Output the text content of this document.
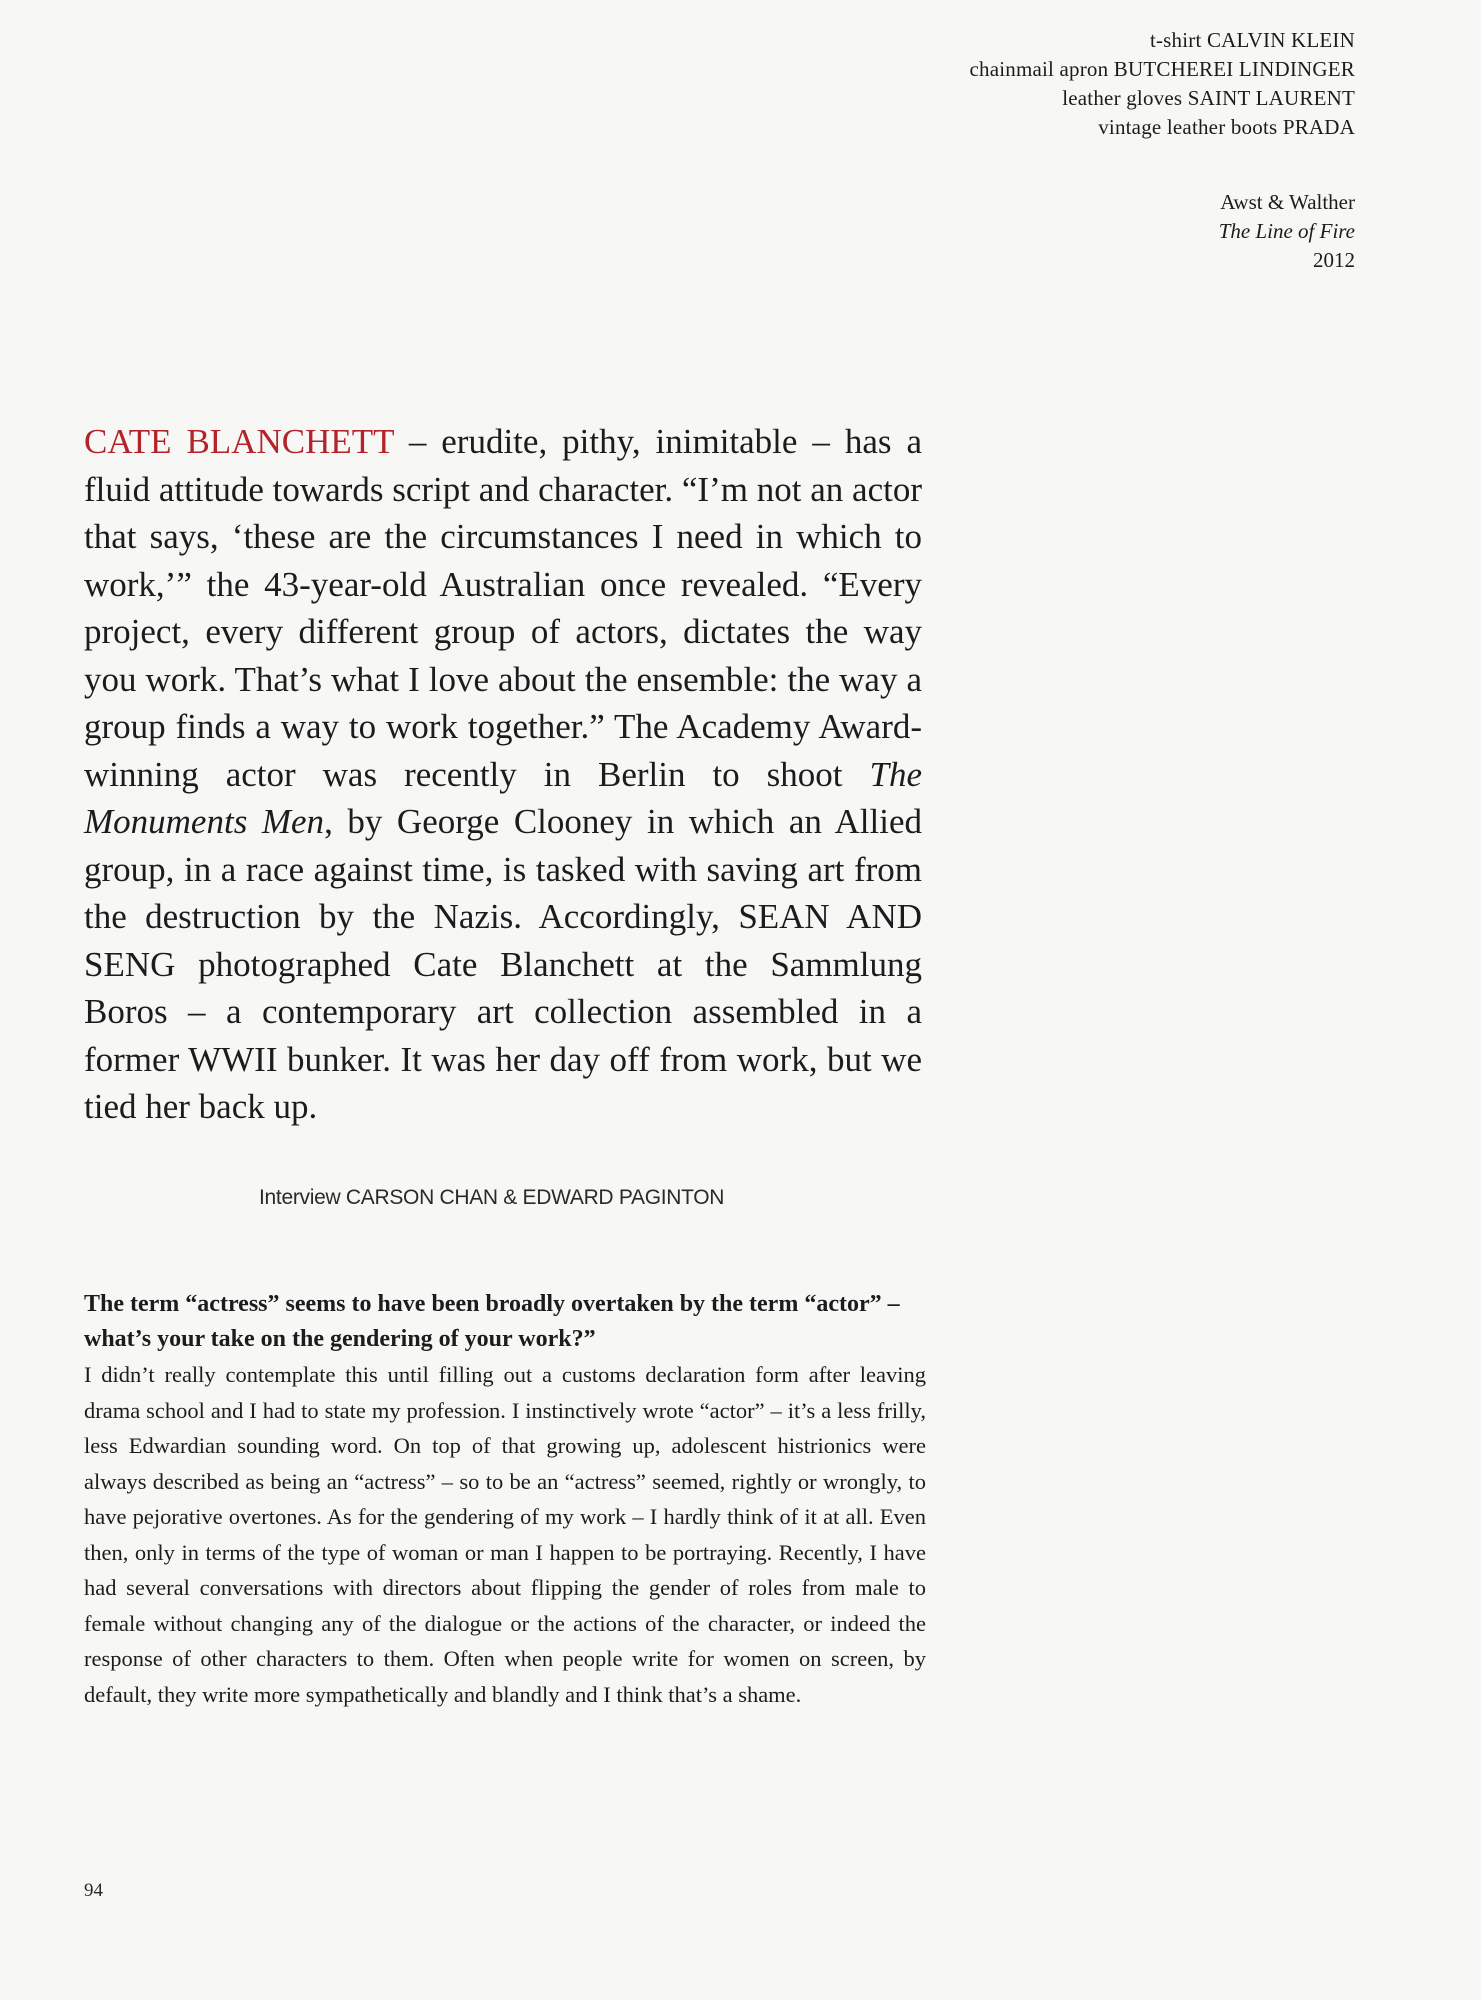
t-shirt CALVIN KLEIN
chainmail apron BUTCHEREI LINDINGER
leather gloves SAINT LAURENT
vintage leather boots PRADA
Awst & Walther
The Line of Fire
2012

CATE BLANCHETT – erudite, pithy, inimitable – has a fluid attitude towards script and character. “I’m not an actor that says, ‘these are the circumstances I need in which to work,’” the 43-year-old Australian once revealed. “Every project, every different group of actors, dictates the way you work. That’s what I love about the ensemble: the way a group finds a way to work together.” The Academy Award-winning actor was recently in Berlin to shoot The Monuments Men, by George Clooney in which an Allied group, in a race against time, is tasked with saving art from the destruction by the Nazis. Accordingly, SEAN AND SENG photographed Cate Blanchett at the Sammlung Boros – a contemporary art collection assembled in a former WWII bunker. It was her day off from work, but we tied her back up.

Interview CARSON CHAN & EDWARD PAGINTON

The term “actress” seems to have been broadly overtaken by the term “actor” – what’s your take on the gendering of your work?”

I didn’t really contemplate this until filling out a customs declaration form after leaving drama school and I had to state my profession. I instinctively wrote “actor” – it’s a less frilly, less Edwardian sounding word. On top of that growing up, adolescent histrionics were always described as being an “actress” – so to be an “actress” seemed, rightly or wrongly, to have pejorative overtones. As for the gendering of my work – I hardly think of it at all. Even then, only in terms of the type of woman or man I happen to be portraying. Recently, I have had several conversations with directors about flipping the gender of roles from male to female without changing any of the dialogue or the actions of the character, or indeed the response of other characters to them. Often when people write for women on screen, by default, they write more sympathetically and blandly and I think that’s a shame.

94
